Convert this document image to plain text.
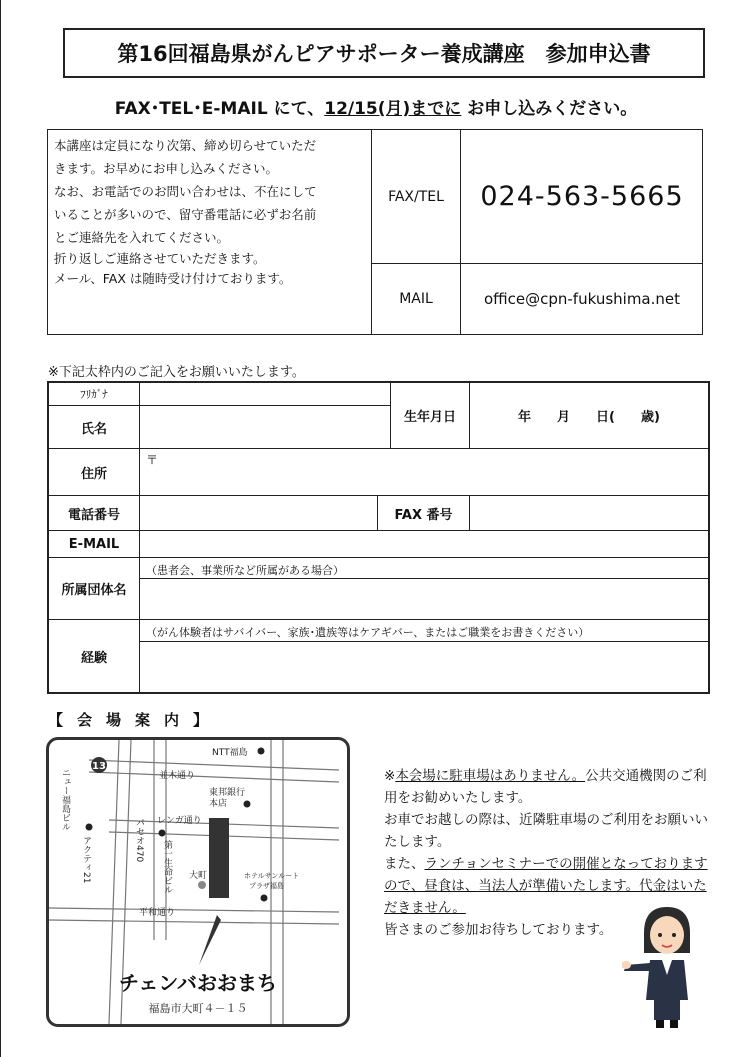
第16回福島県がんピアサポーター養成講座　参加申込書
FAX･TEL･E-MAIL にて、12/15(月)までに お申し込みください。
本講座は定員になり次第、締め切らせていただ
きます。お早めにお申し込みください。
なお、お電話でのお問い合わせは、不在にして
いることが多いので、留守番電話に必ずお名前
とご連絡先を入れてください。
折り返しご連絡させていただきます。
メール、FAX は随時受け付けております。
FAX/TEL	024-563-5665
MAIL	office@cpn-fukushima.net
※下記太枠内のご記入をお願いいたします。
ﾌﾘｶﾞﾅ
氏名
生年月日	年　　月　　日(　　歳)
住所
〒
電話番号	FAX 番号
E-MAIL
所属団体名
（患者会、事業所など所属がある場合）
経験
（がん体験者はサバイバー、家族･遺族等はケアギバー、またはご職業をお書きください）
【会場案内】
13
NTT福島
並木通り
東邦銀行
本店
レンガ通り
大町	ホテルサンルート
プラザ福島
平和通り
ニュー福島ビル
パセオ470 第一生命ビル
アクティ21
チェンバおおまち
福島市大町４－１５
※本会場に駐車場はありません。公共交通機関のご利用をお勧めいたします。
お車でお越しの際は、近隣駐車場のご利用をお願いいたします。
また、ランチョンセミナーでの開催となっておりますので、昼食は、当法人が準備いたします。代金はいただきません。
皆さまのご参加お待ちしております。
